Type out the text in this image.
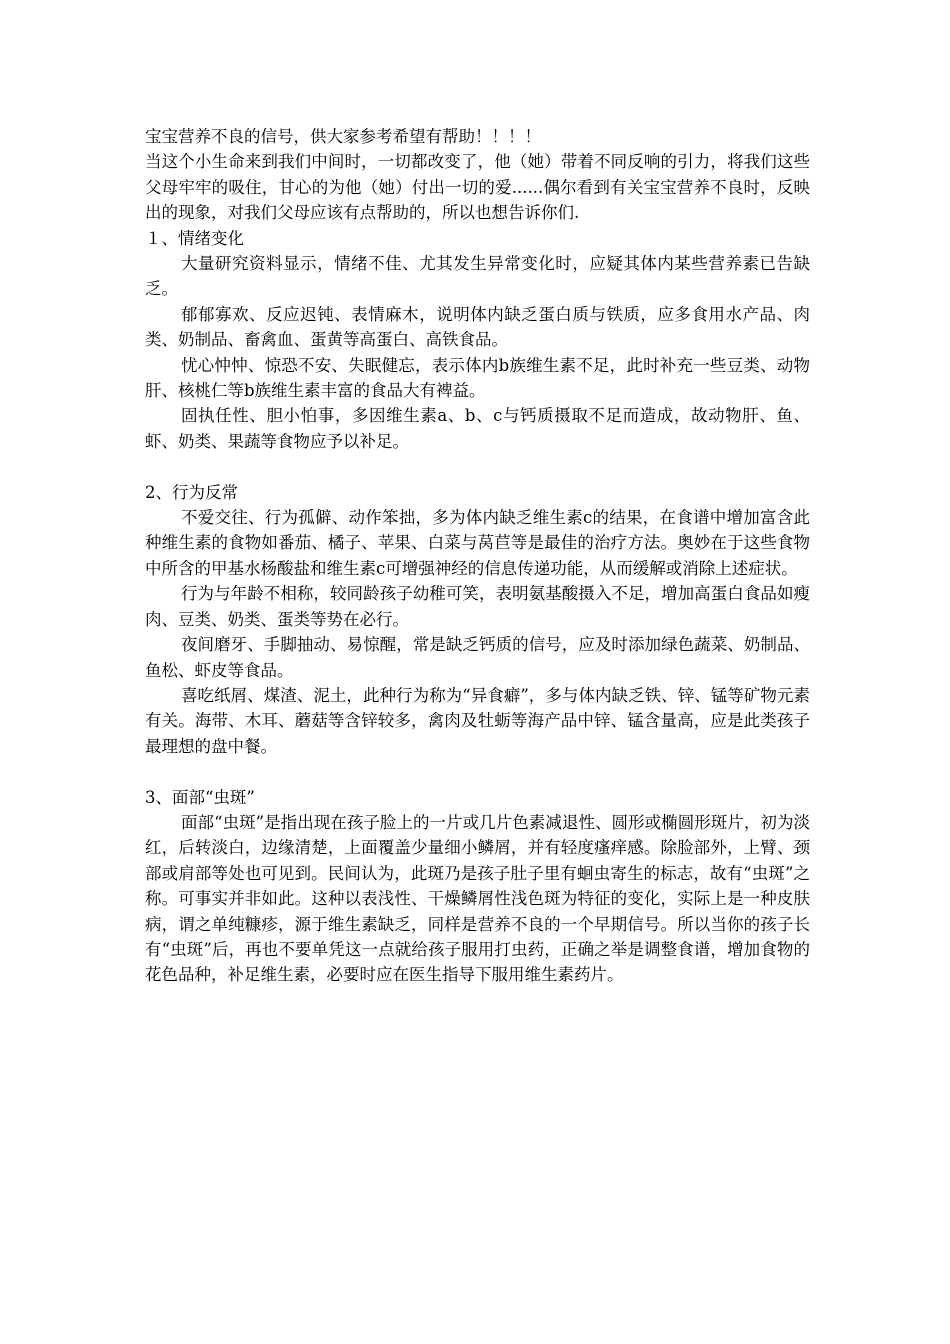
宝宝营养不良的信号，供大家参考希望有帮助！！！！

当这个小生命来到我们中间时，一切都改变了，他（她）带着不同反响的引力，将我们这些父母牢牢的吸住，甘心的为他（她）付出一切的爱......偶尔看到有关宝宝营养不良时，反映出的现象，对我们父母应该有点帮助的，所以也想告诉你们.

１、情绪变化

大量研究资料显示，情绪不佳、尤其发生异常变化时，应疑其体内某些营养素已告缺乏。

郁郁寡欢、反应迟钝、表情麻木，说明体内缺乏蛋白质与铁质，应多食用水产品、肉类、奶制品、畜禽血、蛋黄等高蛋白、高铁食品。

忧心忡忡、惊恐不安、失眠健忘，表示体内b族维生素不足，此时补充一些豆类、动物肝、核桃仁等b族维生素丰富的食品大有裨益。

固执任性、胆小怕事，多因维生素a、b、c与钙质摄取不足而造成，故动物肝、鱼、虾、奶类、果蔬等食物应予以补足。

2、行为反常

不爱交往、行为孤僻、动作笨拙，多为体内缺乏维生素c的结果，在食谱中增加富含此种维生素的食物如番茄、橘子、苹果、白菜与莴苣等是最佳的治疗方法。奥妙在于这些食物中所含的甲基水杨酸盐和维生素c可增强神经的信息传递功能，从而缓解或消除上述症状。

行为与年龄不相称，较同龄孩子幼稚可笑，表明氨基酸摄入不足，增加高蛋白食品如瘦肉、豆类、奶类、蛋类等势在必行。

夜间磨牙、手脚抽动、易惊醒，常是缺乏钙质的信号，应及时添加绿色蔬菜、奶制品、鱼松、虾皮等食品。

喜吃纸屑、煤渣、泥土，此种行为称为“异食癖”，多与体内缺乏铁、锌、锰等矿物元素有关。海带、木耳、蘑菇等含锌较多，禽肉及牡蛎等海产品中锌、锰含量高，应是此类孩子最理想的盘中餐。

3、面部“虫斑”

面部“虫斑”是指出现在孩子脸上的一片或几片色素减退性、圆形或椭圆形斑片，初为淡红，后转淡白，边缘清楚，上面覆盖少量细小鳞屑，并有轻度瘙痒感。除脸部外，上臂、颈部或肩部等处也可见到。民间认为，此斑乃是孩子肚子里有蛔虫寄生的标志，故有“虫斑”之称。可事实并非如此。这种以表浅性、干燥鳞屑性浅色斑为特征的变化，实际上是一种皮肤病，谓之单纯糠疹，源于维生素缺乏，同样是营养不良的一个早期信号。所以当你的孩子长有“虫斑”后，再也不要单凭这一点就给孩子服用打虫药，正确之举是调整食谱，增加食物的花色品种，补足维生素，必要时应在医生指导下服用维生素药片。
